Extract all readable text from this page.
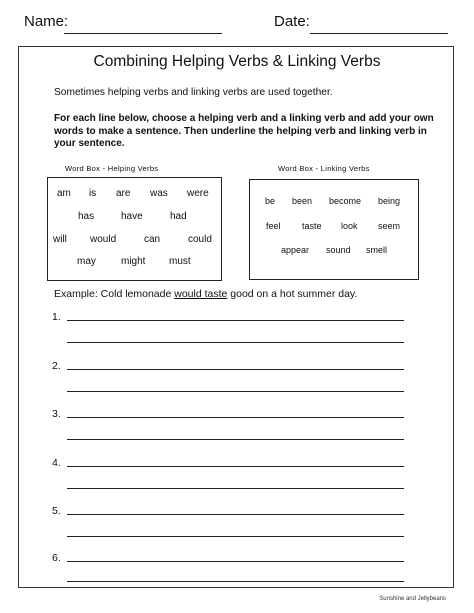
Name:	Date:
Combining Helping Verbs & Linking Verbs
Sometimes helping verbs and linking verbs are used together.
For each line below, choose a helping verb and a linking verb and add your own words to make a sentence. Then underline the helping verb and linking verb in your sentence.
Word Box - Helping Verbs	Word Box - Linking Verbs
am is are was were
has	have	had
will would	can	could
may	might must
be been become being
feel taste look seem
appear sound smell
Example: Cold lemonade would taste good on a hot summer day.
1.
2.
3.
4.
5.
6.
Sunshine and Jellybeans
